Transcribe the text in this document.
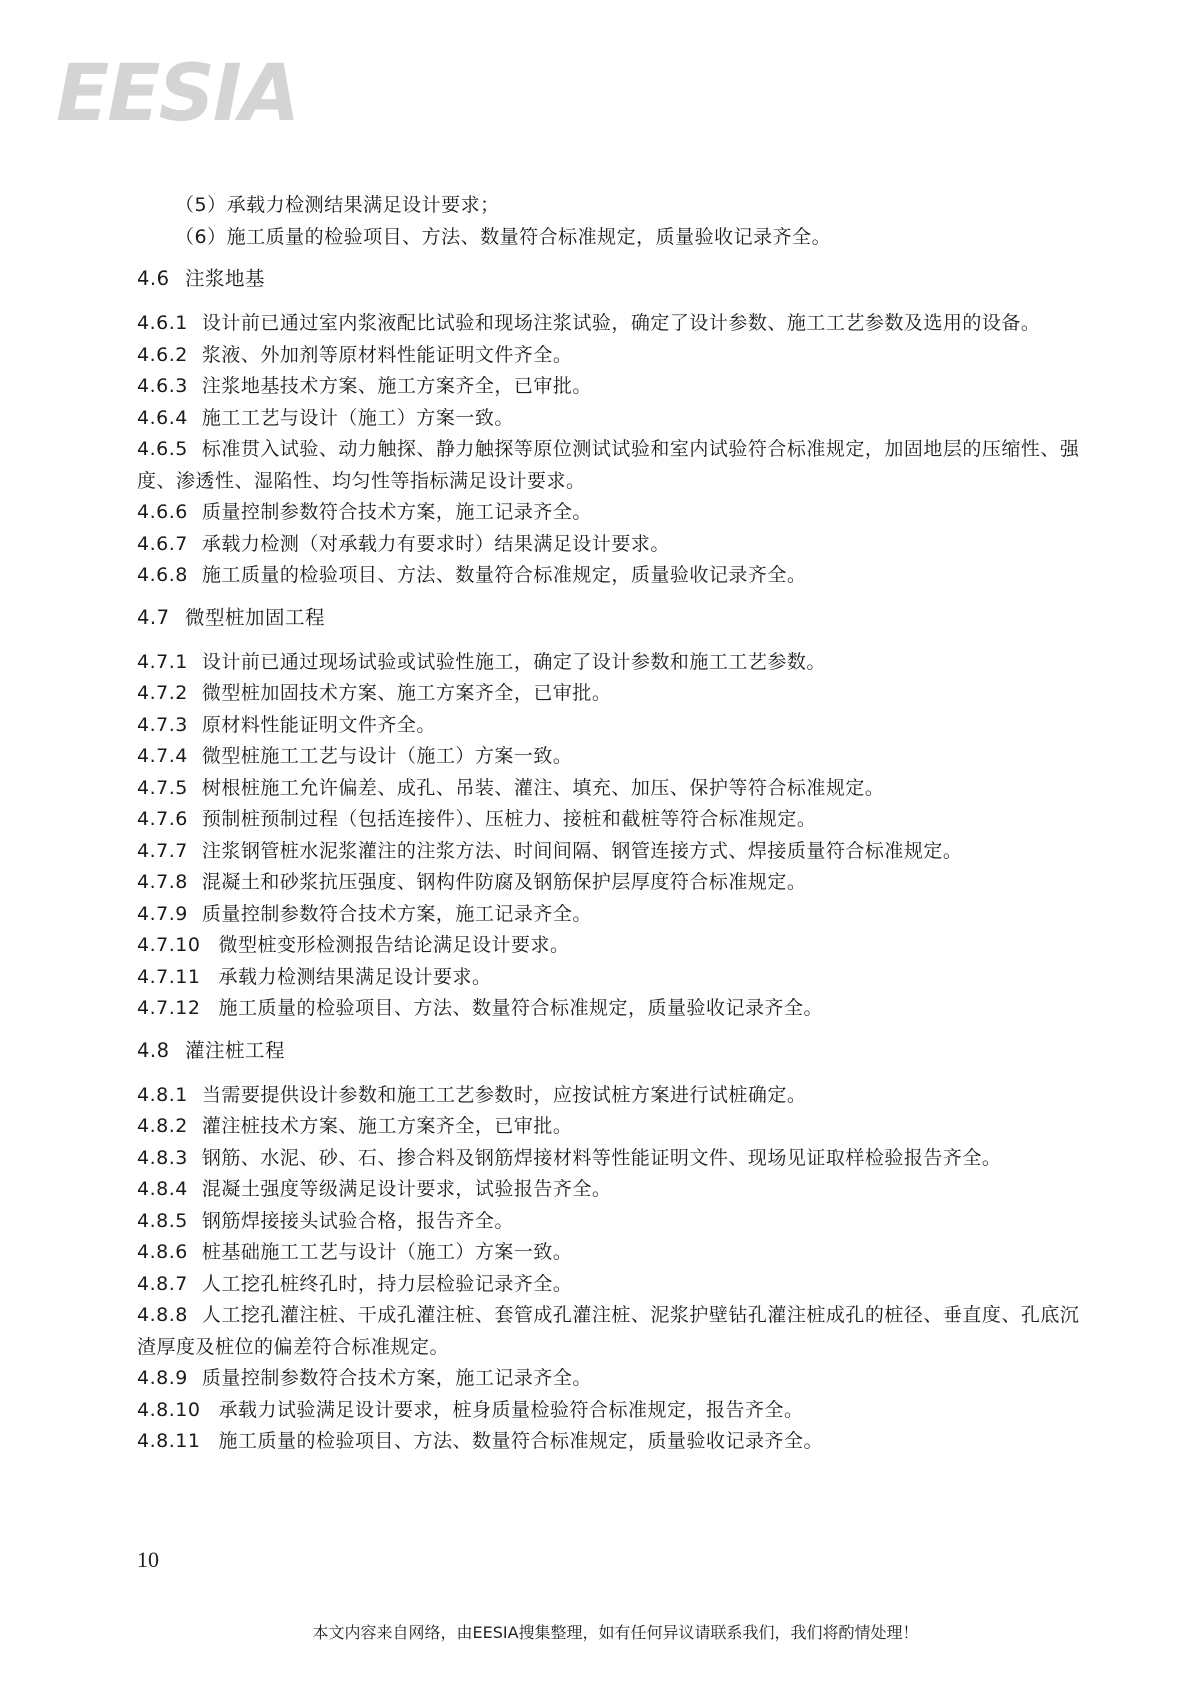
EESIA
（5）承载力检测结果满足设计要求；
（6）施工质量的检验项目、方法、数量符合标准规定，质量验收记录齐全。
4.6 注浆地基
4.6.1 设计前已通过室内浆液配比试验和现场注浆试验，确定了设计参数、施工工艺参数及选用的设备。
4.6.2 浆液、外加剂等原材料性能证明文件齐全。
4.6.3 注浆地基技术方案、施工方案齐全，已审批。
4.6.4 施工工艺与设计（施工）方案一致。
4.6.5 标准贯入试验、动力触探、静力触探等原位测试试验和室内试验符合标准规定，加固地层的压缩性、强度、渗透性、湿陷性、均匀性等指标满足设计要求。
4.6.6 质量控制参数符合技术方案，施工记录齐全。
4.6.7 承载力检测（对承载力有要求时）结果满足设计要求。
4.6.8 施工质量的检验项目、方法、数量符合标准规定，质量验收记录齐全。
4.7 微型桩加固工程
4.7.1 设计前已通过现场试验或试验性施工，确定了设计参数和施工工艺参数。
4.7.2 微型桩加固技术方案、施工方案齐全，已审批。
4.7.3 原材料性能证明文件齐全。
4.7.4 微型桩施工工艺与设计（施工）方案一致。
4.7.5 树根桩施工允许偏差、成孔、吊装、灌注、填充、加压、保护等符合标准规定。
4.7.6 预制桩预制过程（包括连接件）、压桩力、接桩和截桩等符合标准规定。
4.7.7 注浆钢管桩水泥浆灌注的注浆方法、时间间隔、钢管连接方式、焊接质量符合标准规定。
4.7.8 混凝土和砂浆抗压强度、钢构件防腐及钢筋保护层厚度符合标准规定。
4.7.9 质量控制参数符合技术方案，施工记录齐全。
4.7.10 微型桩变形检测报告结论满足设计要求。
4.7.11 承载力检测结果满足设计要求。
4.7.12 施工质量的检验项目、方法、数量符合标准规定，质量验收记录齐全。
4.8 灌注桩工程
4.8.1 当需要提供设计参数和施工工艺参数时，应按试桩方案进行试桩确定。
4.8.2 灌注桩技术方案、施工方案齐全，已审批。
4.8.3 钢筋、水泥、砂、石、掺合料及钢筋焊接材料等性能证明文件、现场见证取样检验报告齐全。
4.8.4 混凝土强度等级满足设计要求，试验报告齐全。
4.8.5 钢筋焊接接头试验合格，报告齐全。
4.8.6 桩基础施工工艺与设计（施工）方案一致。
4.8.7 人工挖孔桩终孔时，持力层检验记录齐全。
4.8.8 人工挖孔灌注桩、干成孔灌注桩、套管成孔灌注桩、泥浆护壁钻孔灌注桩成孔的桩径、垂直度、孔底沉渣厚度及桩位的偏差符合标准规定。
4.8.9 质量控制参数符合技术方案，施工记录齐全。
4.8.10 承载力试验满足设计要求，桩身质量检验符合标准规定，报告齐全。
4.8.11 施工质量的检验项目、方法、数量符合标准规定，质量验收记录齐全。
10
本文内容来自网络，由EESIA搜集整理，如有任何异议请联系我们，我们将酌情处理！
